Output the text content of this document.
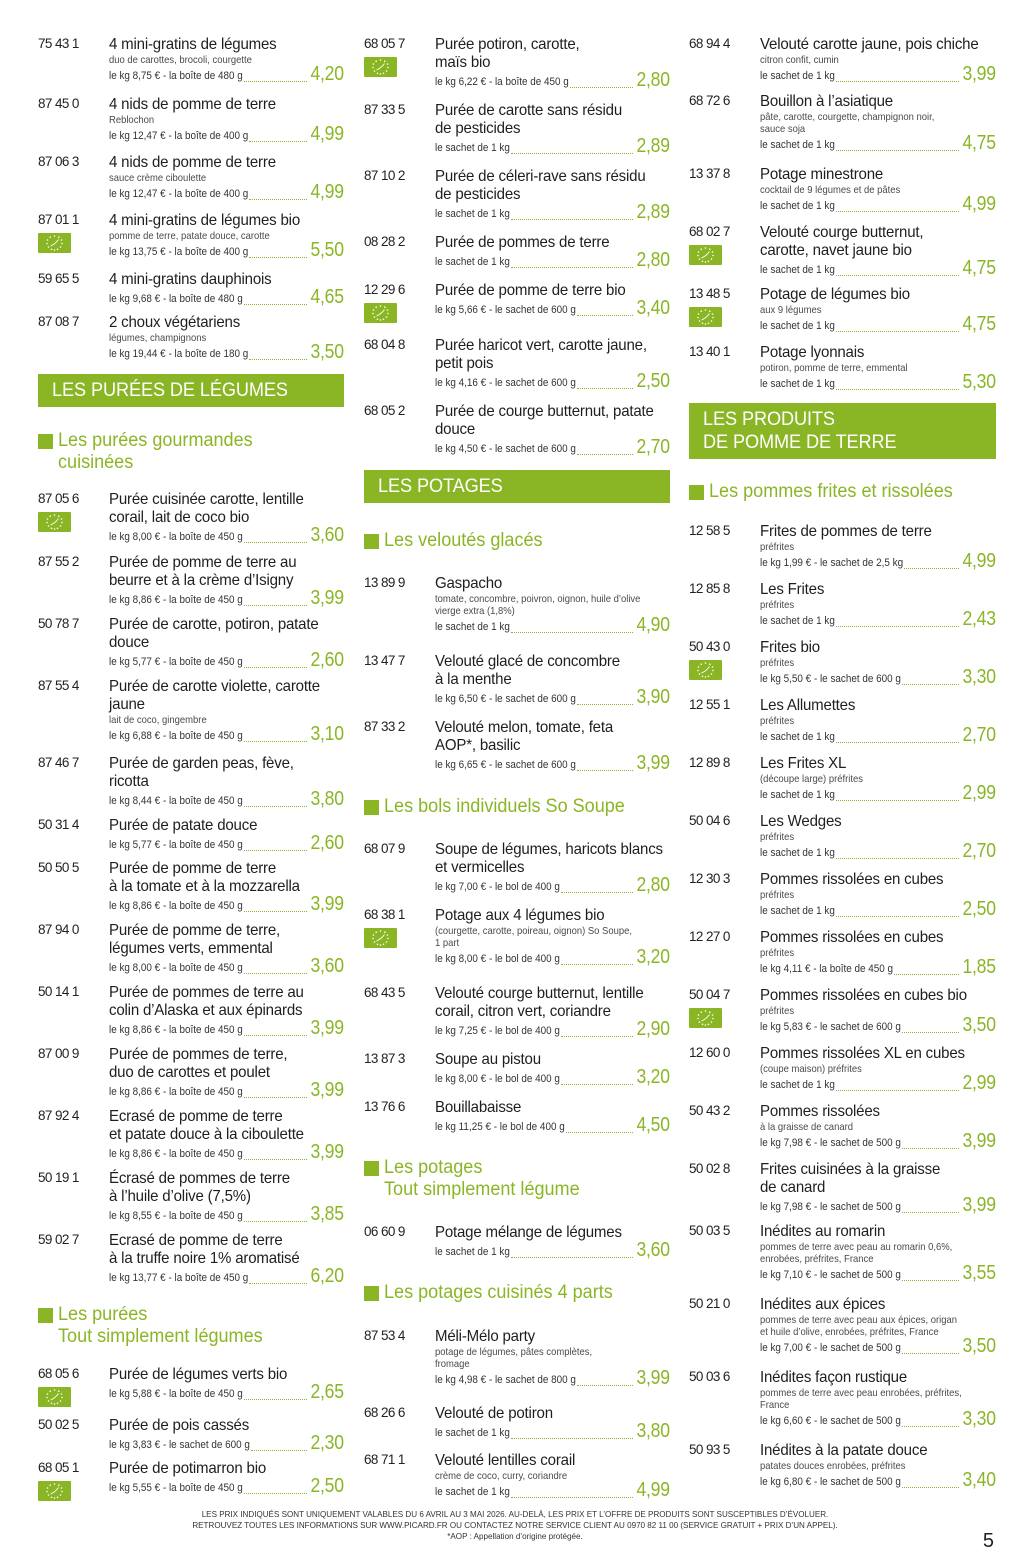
75 43 1 4 mini-gratins de légumes
duo de carottes, brocoli, courgette
le kg 8,75 € - la boîte de 480 g	4,20
87 45 0 4 nids de pomme de terre
Reblochon
le kg 12,47 € - la boîte de 400 g	4,99
87 06 3 4 nids de pomme de terre
sauce crème ciboulette
le kg 12,47 € - la boîte de 400 g	4,99
87 01 1 4 mini-gratins de légumes bio
pomme de terre, patate douce, carotte
le kg 13,75 € - la boîte de 400 g	5,50
59 65 5 4 mini-gratins dauphinois
le kg 9,68 € - la boîte de 480 g	4,65
87 08 7 2 choux végétariens
légumes, champignons
le kg 19,44 € - la boîte de 180 g	3,50
LES PURÉES DE LÉGUMES
Les purées gourmandes
cuisinées
87 05 6 Purée cuisinée carotte, lentille
corail, lait de coco bio
le kg 8,00 € - la boîte de 450 g	3,60
87 55 2 Purée de pomme de terre au
beurre et à la crème d’Isigny
le kg 8,86 € - la boîte de 450 g	3,99
50 78 7 Purée de carotte, potiron, patate
douce
le kg 5,77 € - la boîte de 450 g	2,60
87 55 4 Purée de carotte violette, carotte
jaune
lait de coco, gingembre
le kg 6,88 € - la boîte de 450 g	3,10
87 46 7 Purée de garden peas, fève,
ricotta
le kg 8,44 € - la boîte de 450 g	3,80
50 31 4 Purée de patate douce
le kg 5,77 € - la boîte de 450 g	2,60
50 50 5 Purée de pomme de terre
à la tomate et à la mozzarella
le kg 8,86 € - la boîte de 450 g	3,99
87 94 0 Purée de pomme de terre,
légumes verts, emmental
le kg 8,00 € - la boîte de 450 g	3,60
50 14 1 Purée de pommes de terre au
colin d’Alaska et aux épinards
le kg 8,86 € - la boîte de 450 g	3,99
87 00 9 Purée de pommes de terre,
duo de carottes et poulet
le kg 8,86 € - la boîte de 450 g	3,99
87 92 4 Ecrasé de pomme de terre
et patate douce à la ciboulette
le kg 8,86 € - la boîte de 450 g	3,99
50 19 1 Écrasé de pommes de terre
à l’huile d’olive (7,5%)
le kg 8,55 € - la boîte de 450 g	3,85
59 02 7 Ecrasé de pomme de terre
à la truffe noire 1% aromatisé
le kg 13,77 € - la boîte de 450 g	6,20
Les purées
Tout simplement légumes
68 05 6 Purée de légumes verts bio
le kg 5,88 € - la boîte de 450 g	2,65
50 02 5 Purée de pois cassés
le kg 3,83 € - le sachet de 600 g	2,30
68 05 1 Purée de potimarron bio
le kg 5,55 € - la boîte de 450 g	2,50
68 05 7 Purée potiron, carotte,
maïs bio
le kg 6,22 € - la boîte de 450 g	2,80
87 33 5 Purée de carotte sans résidu
de pesticides
le sachet de 1 kg	2,89
87 10 2 Purée de céleri-rave sans résidu
de pesticides
le sachet de 1 kg	2,89
08 28 2 Purée de pommes de terre
le sachet de 1 kg	2,80
12 29 6 Purée de pomme de terre bio
le kg 5,66 € - le sachet de 600 g	3,40
68 04 8 Purée haricot vert, carotte jaune,
petit pois
le kg 4,16 € - le sachet de 600 g	2,50
68 05 2 Purée de courge butternut, patate
douce
le kg 4,50 € - le sachet de 600 g	2,70
LES POTAGES
Les veloutés glacés
13 89 9 Gaspacho
tomate, concombre, poivron, oignon, huile d’olive
vierge extra (1,8%)
le sachet de 1 kg	4,90
13 47 7 Velouté glacé de concombre
à la menthe
le kg 6,50 € - le sachet de 600 g	3,90
87 33 2 Velouté melon, tomate, feta
AOP*, basilic
le kg 6,65 € - le sachet de 600 g	3,99
Les bols individuels So Soupe
68 07 9 Soupe de légumes, haricots blancs
et vermicelles
le kg 7,00 € - le bol de 400 g	2,80
68 38 1 Potage aux 4 légumes bio
(courgette, carotte, poireau, oignon) So Soupe,
1 part
le kg 8,00 € - le bol de 400 g	3,20
68 43 5 Velouté courge butternut, lentille
corail, citron vert, coriandre
le kg 7,25 € - le bol de 400 g	2,90
13 87 3 Soupe au pistou
le kg 8,00 € - le bol de 400 g	3,20
13 76 6 Bouillabaisse
le kg 11,25 € - le bol de 400 g	4,50
Les potages
Tout simplement légume
06 60 9 Potage mélange de légumes
le sachet de 1 kg	3,60
Les potages cuisinés 4 parts
87 53 4 Méli-Mélo party
potage de légumes, pâtes complètes,
fromage
le kg 4,98 € - le sachet de 800 g	3,99
68 26 6 Velouté de potiron
le sachet de 1 kg	3,80
68 71 1 Velouté lentilles corail
crème de coco, curry, coriandre
le sachet de 1 kg	4,99
68 94 4 Velouté carotte jaune, pois chiche
citron confit, cumin
le sachet de 1 kg	3,99
68 72 6 Bouillon à l’asiatique
pâte, carotte, courgette, champignon noir,
sauce soja
le sachet de 1 kg	4,75
13 37 8 Potage minestrone
cocktail de 9 légumes et de pâtes
le sachet de 1 kg	4,99
68 02 7 Velouté courge butternut,
carotte, navet jaune bio
le sachet de 1 kg	4,75
13 48 5 Potage de légumes bio
aux 9 légumes
le sachet de 1 kg	4,75
13 40 1 Potage lyonnais
potiron, pomme de terre, emmental
le sachet de 1 kg	5,30
LES PRODUITS
DE POMME DE TERRE
Les pommes frites et rissolées
12 58 5 Frites de pommes de terre
préfrites
le kg 1,99 € - le sachet de 2,5 kg	4,99
12 85 8 Les Frites
préfrites
le sachet de 1 kg	2,43
50 43 0 Frites bio
préfrites
le kg 5,50 € - le sachet de 600 g	3,30
12 55 1 Les Allumettes
préfrites
le sachet de 1 kg	2,70
12 89 8 Les Frites XL
(découpe large) préfrites
le sachet de 1 kg	2,99
50 04 6 Les Wedges
préfrites
le sachet de 1 kg	2,70
12 30 3 Pommes rissolées en cubes
préfrites
le sachet de 1 kg	2,50
12 27 0 Pommes rissolées en cubes
préfrites
le kg 4,11 € - la boîte de 450 g	1,85
50 04 7 Pommes rissolées en cubes bio
préfrites
le kg 5,83 € - le sachet de 600 g	3,50
12 60 0 Pommes rissolées XL en cubes
(coupe maison) préfrites
le sachet de 1 kg	2,99
50 43 2 Pommes rissolées
à la graisse de canard
le kg 7,98 € - le sachet de 500 g	3,99
50 02 8 Frites cuisinées à la graisse
de canard
le kg 7,98 € - le sachet de 500 g	3,99
50 03 5 Inédites au romarin
pommes de terre avec peau au romarin 0,6%,
enrobées, préfrites, France
le kg 7,10 € - le sachet de 500 g	3,55
50 21 0 Inédites aux épices
pommes de terre avec peau aux épices, origan
et huile d’olive, enrobées, préfrites, France
le kg 7,00 € - le sachet de 500 g	3,50
50 03 6 Inédites façon rustique
pommes de terre avec peau enrobées, préfrites,
France
le kg 6,60 € - le sachet de 500 g	3,30
50 93 5 Inédites à la patate douce
patates douces enrobées, préfrites
le kg 6,80 € - le sachet de 500 g	3,40
LES PRIX INDIQUÉS SONT UNIQUEMENT VALABLES DU 6 AVRIL AU 3 MAI 2026. AU-DELÀ, LES PRIX ET L’OFFRE DE PRODUITS SONT SUSCEPTIBLES D’ÉVOLUER.
RETROUVEZ TOUTES LES INFORMATIONS SUR WWW.PICARD.FR OU CONTACTEZ NOTRE SERVICE CLIENT AU 0970 82 11 00 (SERVICE GRATUIT + PRIX D’UN APPEL).
*AOP : Appellation d’origine protégée.	5
